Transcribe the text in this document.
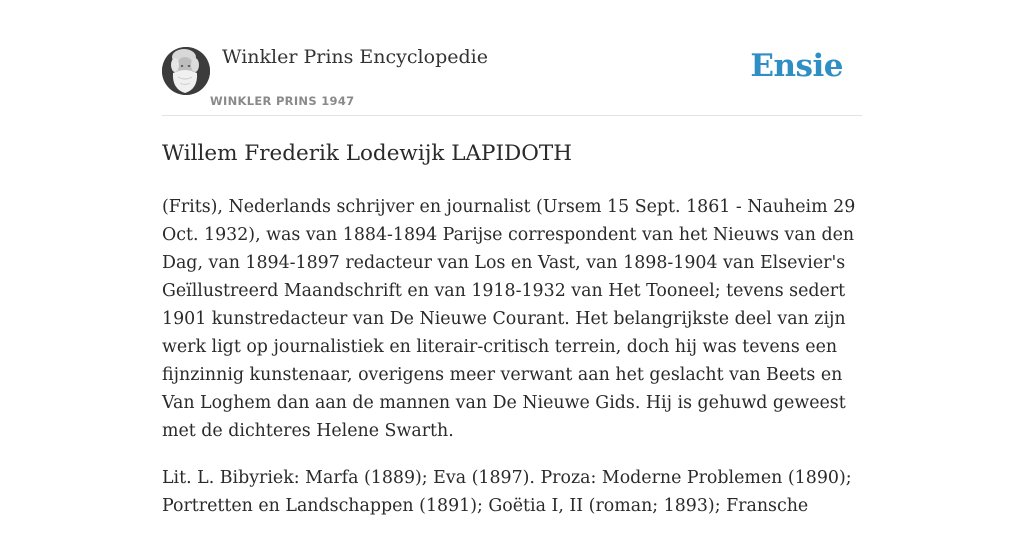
Winkler Prins Encyclopedie
WINKLER PRINS 1947
Ensie
Willem Frederik Lodewijk LAPIDOTH

(Frits), Nederlands schrijver en journalist (Ursem 15 Sept. 1861 - Nauheim 29 Oct. 1932), was van 1884-1894 Parijse correspondent van het Nieuws van den Dag, van 1894-1897 redacteur van Los en Vast, van 1898-1904 van Elsevier's Geïllustreerd Maandschrift en van 1918-1932 van Het Tooneel; tevens sedert 1901 kunstredacteur van De Nieuwe Courant. Het belangrijkste deel van zijn werk ligt op journalistiek en literair-critisch terrein, doch hij was tevens een fijnzinnig kunstenaar, overigens meer verwant aan het geslacht van Beets en Van Loghem dan aan de mannen van De Nieuwe Gids. Hij is gehuwd geweest met de dichteres Helene Swarth.

Lit. L. Bibyriek: Marfa (1889); Eva (1897). Proza: Moderne Problemen (1890); Portretten en Landschappen (1891); Goëtia I, II (roman; 1893); Fransche
